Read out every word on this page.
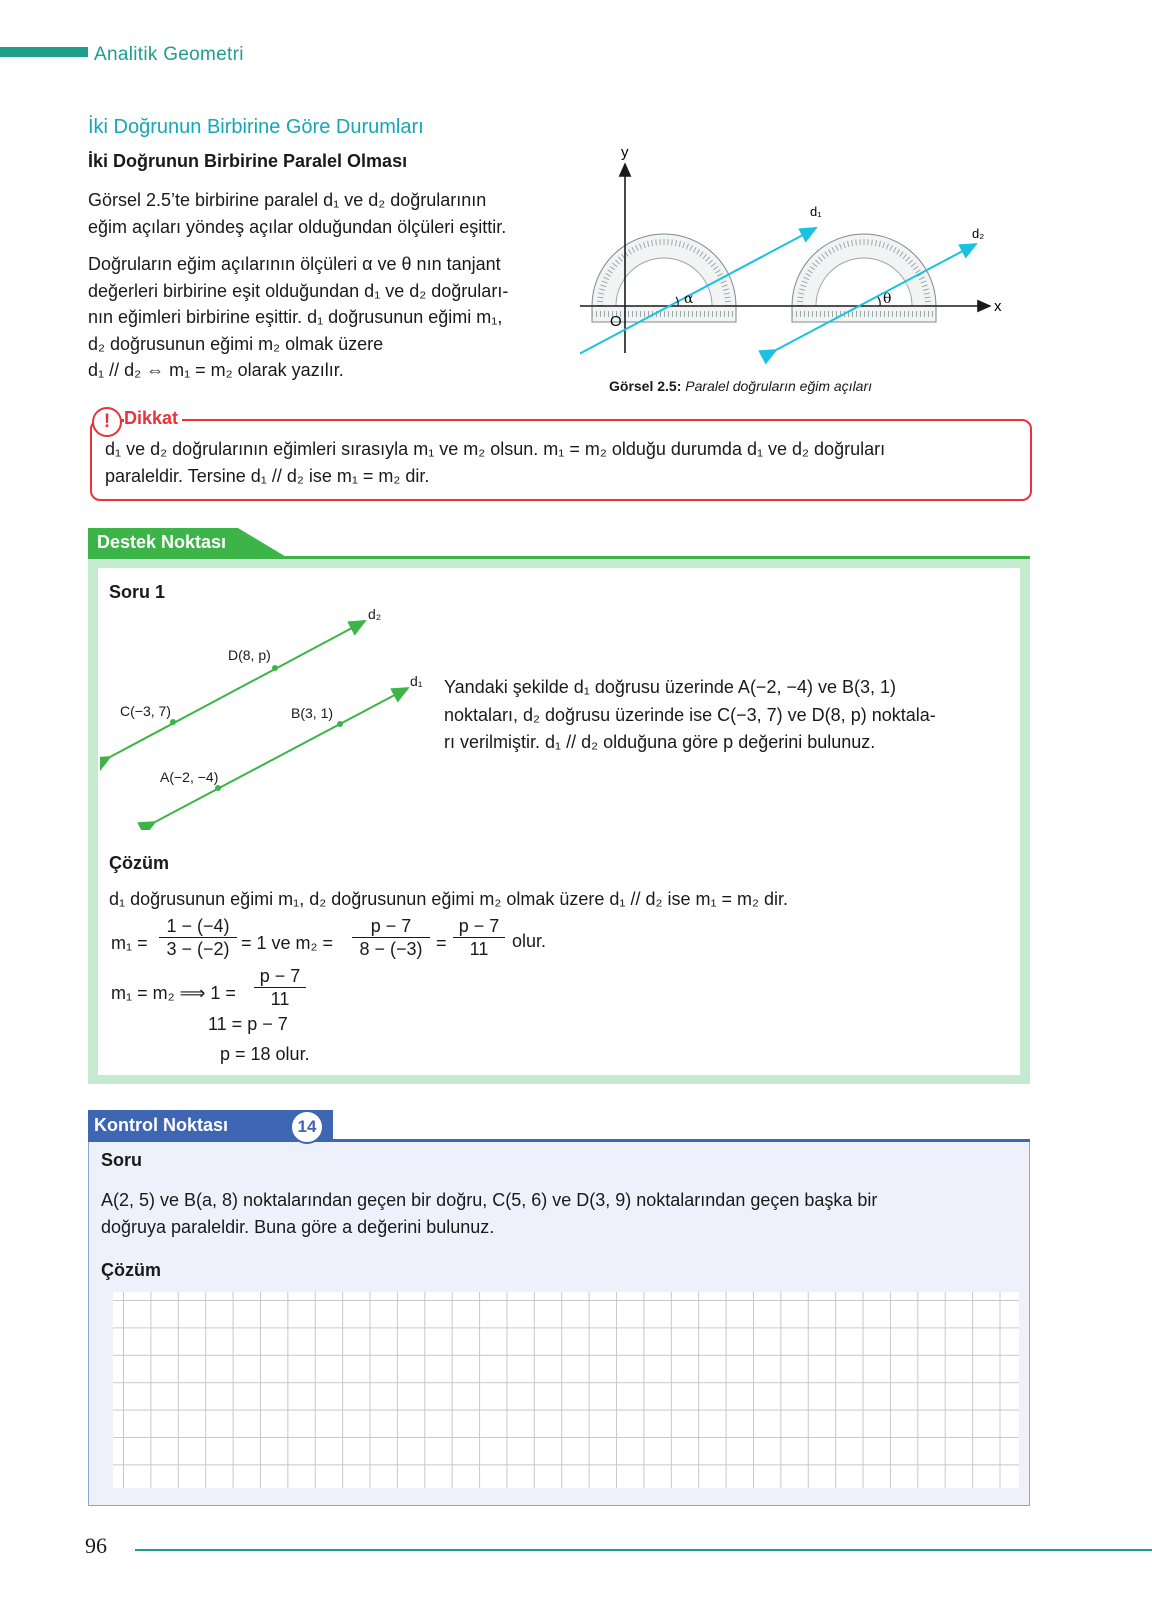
Analitik Geometri
İki Doğrunun Birbirine Göre Durumları
İki Doğrunun Birbirine Paralel Olması
Görsel 2.5’te birbirine paralel d₁ ve d₂ doğrularının
eğim açıları yöndeş açılar olduğundan ölçüleri eşittir.
Doğruların eğim açılarının ölçüleri α ve θ nın tanjant
değerleri birbirine eşit olduğundan d₁ ve d₂ doğruları-
nın eğimleri birbirine eşittir. d₁ doğrusunun eğimi m₁,
d₂ doğrusunun eğimi m₂ olmak üzere
d₁ // d₂ ⇔ m₁ = m₂ olarak yazılır.
y
x
O
d₁
d₂
α	θ
Görsel 2.5: Paralel doğruların eğim açıları
Dikkat
!
d₁ ve d₂ doğrularının eğimleri sırasıyla m₁ ve m₂ olsun. m₁ = m₂ olduğu durumda d₁ ve d₂ doğruları
paraleldir. Tersine d₁ // d₂ ise m₁ = m₂ dir.
Destek Noktası
Soru 1
d₂
d₁
D(8, p)
C(−3, 7)	B(3, 1)
A(−2, −4)
Yandaki şekilde d₁ doğrusu üzerinde A(−2, −4) ve B(3, 1)
noktaları, d₂ doğrusu üzerinde ise C(−3, 7) ve D(8, p) noktala-
rı verilmiştir. d₁ // d₂ olduğuna göre p değerini bulunuz.
Çözüm
d₁ doğrusunun eğimi m₁, d₂ doğrusunun eğimi m₂ olmak üzere d₁ // d₂ ise m₁ = m₂ dir.
$m_1 = \frac{1 - (-4)}{3 - (-2)} = 1$ ve $m_2 = \frac{p - 7}{8 - (-3)} = \frac{p - 7}{11}$ olur.
m₁ = m₂ ⟹ $1 = \frac{p - 7}{11}$
11 = p − 7
p = 18 olur.
Kontrol Noktası	14
Soru
A(2, 5) ve B(a, 8) noktalarından geçen bir doğru, C(5, 6) ve D(3, 9) noktalarından geçen başka bir
doğruya paraleldir. Buna göre a değerini bulunuz.
Çözüm
96
